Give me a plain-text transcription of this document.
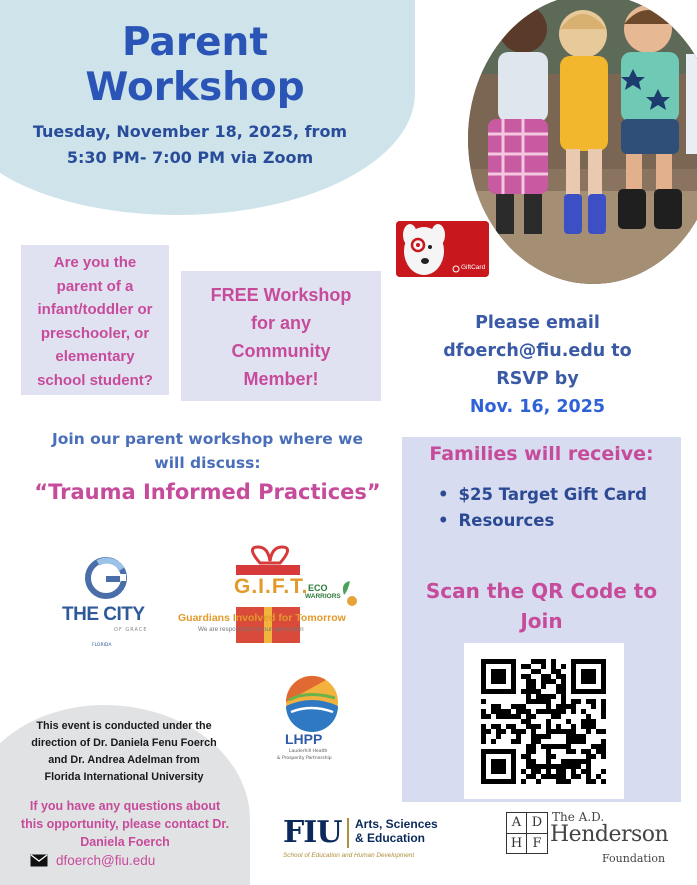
Parent
Workshop
Tuesday, November 18, 2025, from
5:30 PM- 7:00 PM via Zoom
GiftCard
Are you the
parent of a
infant/toddler or
preschooler, or
elementary
school student?
FREE Workshop
for any
Community
Member!
Please email
dfoerch@fiu.edu to
RSVP by
Nov. 16, 2025
Join our parent workshop where we
will discuss:
“Trauma Informed Practices”
Families will receive:
• $25 Target Gift Card
• Resources
Scan the QR Code to
Join
THE CITY
OF GRACE
FLORIDA
G.I.F.T. ECO
WARRIORS
Guardians Involved for Tomorrow
We are responsible for our generation
LHPP
Lauderhill Health
& Prosperity Partnership
This event is conducted under the
direction of Dr. Daniela Fenu Foerch
and Dr. Andrea Adelman from
Florida International University
If you have any questions about
this opportunity, please contact Dr.
Daniela Foerch
dfoerch@fiu.edu
FIU Arts, Sciences
& Education
School of Education and Human Development
A D
H F
The A.D.
Henderson
Foundation
